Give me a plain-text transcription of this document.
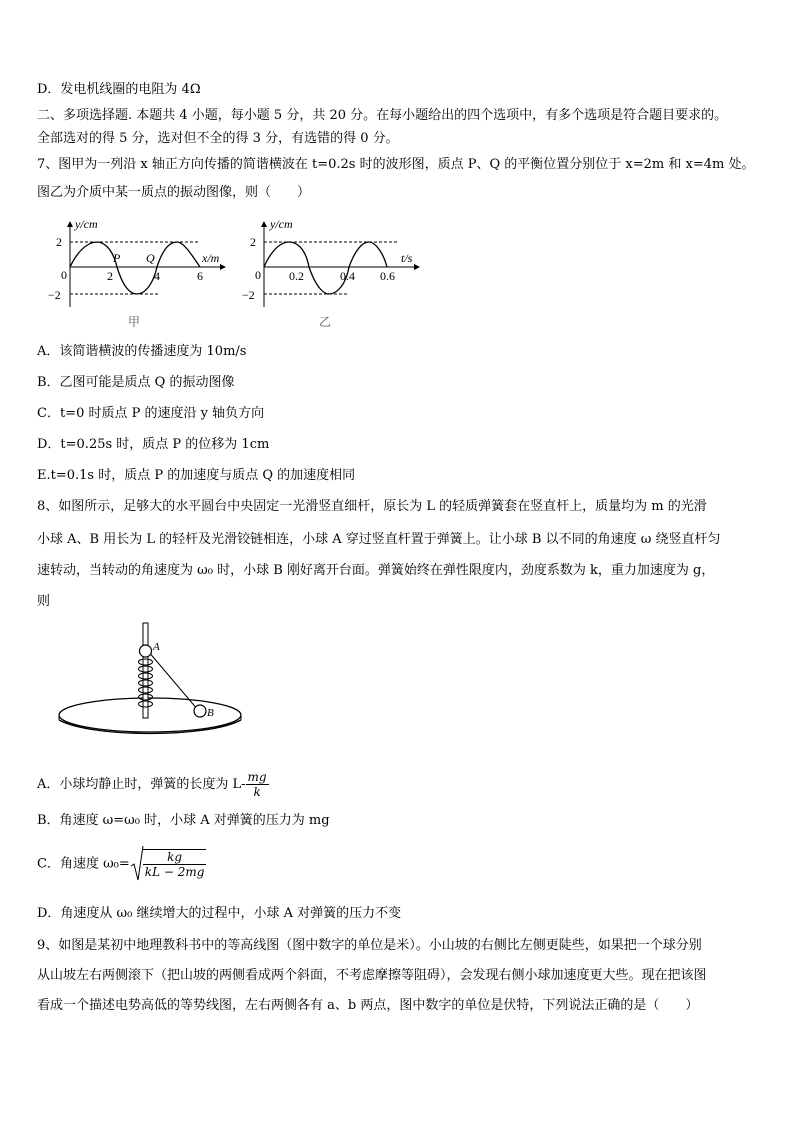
D．发电机线圈的电阻为 4Ω
二、多项选择题. 本题共 4 小题，每小题 5 分，共 20 分。在每小题给出的四个选项中，有多个选项是符合题目要求的。
全部选对的得 5 分，选对但不全的得 3 分，有选错的得 0 分。
7、图甲为一列沿 x 轴正方向传播的简谐横波在 t=0.2s 时的波形图，质点 P、Q 的平衡位置分别位于 x=2m 和 x=4m 处。
图乙为介质中某一质点的振动图像，则（　　）
y/cm
x/m
2
−2
0	2	4	6
P Q
甲
y/cm
t/s
2
−2
0 0.2	0.4 0.6
乙
A．该简谐横波的传播速度为 10m/s
B．乙图可能是质点 Q 的振动图像
C．t=0 时质点 P 的速度沿 y 轴负方向
D．t=0.25s 时，质点 P 的位移为 1cm
E.t=0.1s 时，质点 P 的加速度与质点 Q 的加速度相同
8、如图所示，足够大的水平圆台中央固定一光滑竖直细杆，原长为 L 的轻质弹簧套在竖直杆上，质量均为 m 的光滑
小球 A、B 用长为 L 的轻杆及光滑铰链相连，小球 A 穿过竖直杆置于弹簧上。让小球 B 以不同的角速度 ω 绕竖直杆匀
速转动，当转动的角速度为 ω₀ 时，小球 B 刚好离开台面。弹簧始终在弹性限度内，劲度系数为 k，重力加速度为 g，
则
A
B
A．小球均静止时，弹簧的长度为 $L- \frac{mg}{k}$
B．角速度 ω=ω₀ 时，小球 A 对弹簧的压力为 mg
C．角速度 $\omega_0= \frac{kg}{kL - 2mg}$
D．角速度从 ω₀ 继续增大的过程中，小球 A 对弹簧的压力不变
9、如图是某初中地理教科书中的等高线图（图中数字的单位是米）。小山坡的右侧比左侧更陡些，如果把一个球分别
从山坡左右两侧滚下（把山坡的两侧看成两个斜面，不考虑摩擦等阻碍），会发现右侧小球加速度更大些。现在把该图
看成一个描述电势高低的等势线图，左右两侧各有 a、b 两点，图中数字的单位是伏特，下列说法正确的是（　　）
